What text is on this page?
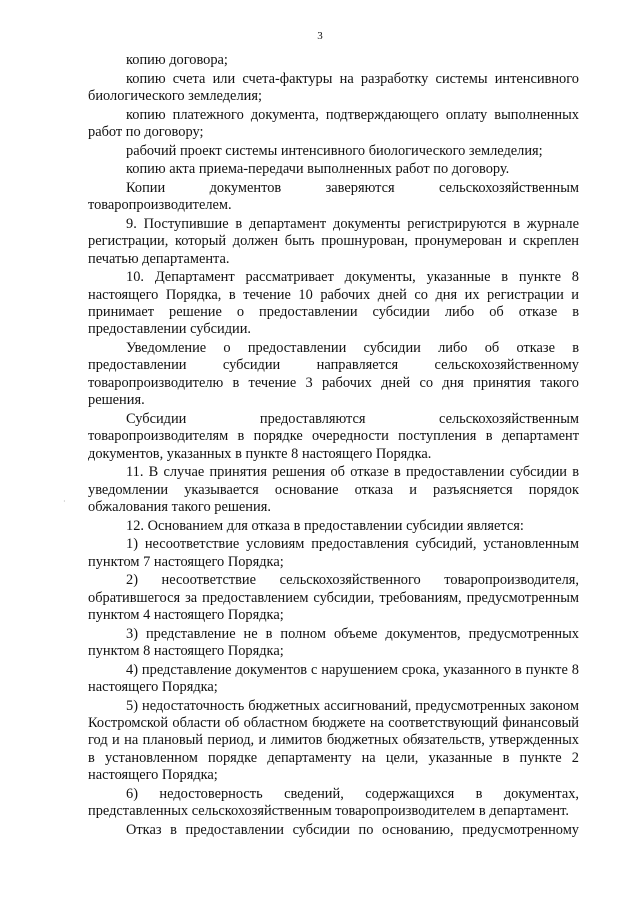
3
·

копию договора;

копию счета или счета-фактуры на разработку системы интенсивного биологического земледелия;

копию платежного документа, подтверждающего оплату выполненных работ по договору;

рабочий проект системы интенсивного биологического земледелия;

копию акта приема-передачи выполненных работ по договору.

Копии документов заверяются сельскохозяйственным товаропроизводителем.

9. Поступившие в департамент документы регистрируются в журнале регистрации, который должен быть прошнурован, пронумерован и скреплен печатью департамента.

10. Департамент рассматривает документы, указанные в пункте 8 настоящего Порядка, в течение 10 рабочих дней со дня их регистрации и принимает решение о предоставлении субсидии либо об отказе в предоставлении субсидии.

Уведомление о предоставлении субсидии либо об отказе в предоставлении субсидии направляется сельскохозяйственному товаропроизводителю в течение 3 рабочих дней со дня принятия такого решения.

Субсидии предоставляются сельскохозяйственным товаропроизводителям в порядке очередности поступления в департамент документов, указанных в пункте 8 настоящего Порядка.

11. В случае принятия решения об отказе в предоставлении субсидии в уведомлении указывается основание отказа и разъясняется порядок обжалования такого решения.

12. Основанием для отказа в предоставлении субсидии является:

1) несоответствие условиям предоставления субсидий, установленным пунктом 7 настоящего Порядка;

2) несоответствие сельскохозяйственного товаропроизводителя, обратившегося за предоставлением субсидии, требованиям, предусмотренным пунктом 4 настоящего Порядка;

3) представление не в полном объеме документов, предусмотренных пунктом 8 настоящего Порядка;

4) представление документов с нарушением срока, указанного в пункте 8 настоящего Порядка;

5) недостаточность бюджетных ассигнований, предусмотренных законом Костромской области об областном бюджете на соответствующий финансовый год и на плановый период, и лимитов бюджетных обязательств, утвержденных в установленном порядке департаменту на цели, указанные в пункте 2 настоящего Порядка;

6) недостоверность сведений, содержащихся в документах, представленных сельскохозяйственным товаропроизводителем в департамент.

Отказ в предоставлении субсидии по основанию, предусмотренному
